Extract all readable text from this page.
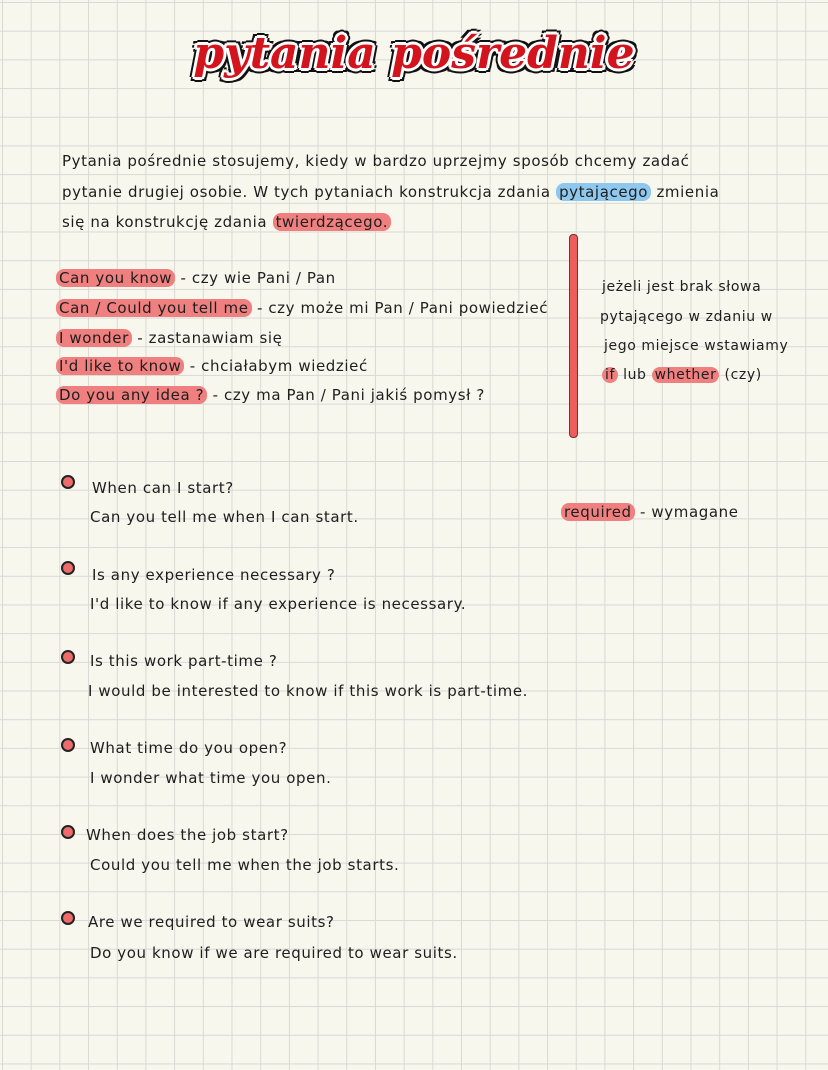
pytania pośrednie
Pytania pośrednie stosujemy, kiedy w bardzo uprzejmy sposób chcemy zadać
pytanie drugiej osobie. W tych pytaniach konstrukcja zdania pytającego zmienia
się na konstrukcję zdania twierdzącego.
Can you know - czy wie Pani / Pan
Can / Could you tell me - czy może mi Pan / Pani powiedzieć
I wonder - zastanawiam się
I'd like to know - chciałabym wiedzieć
Do you any idea ? - czy ma Pan / Pani jakiś pomysł ?
jeżeli jest brak słowa
pytającego w zdaniu w
jego miejsce wstawiamy
if lub whether (czy)
required - wymagane
When can I start?
Can you tell me when I can start.
Is any experience necessary ?
I'd like to know if any experience is necessary.
Is this work part-time ?
I would be interested to know if this work is part-time.
What time do you open?
I wonder what time you open.
When does the job start?
Could you tell me when the job starts.
Are we required to wear suits?
Do you know if we are required to wear suits.
